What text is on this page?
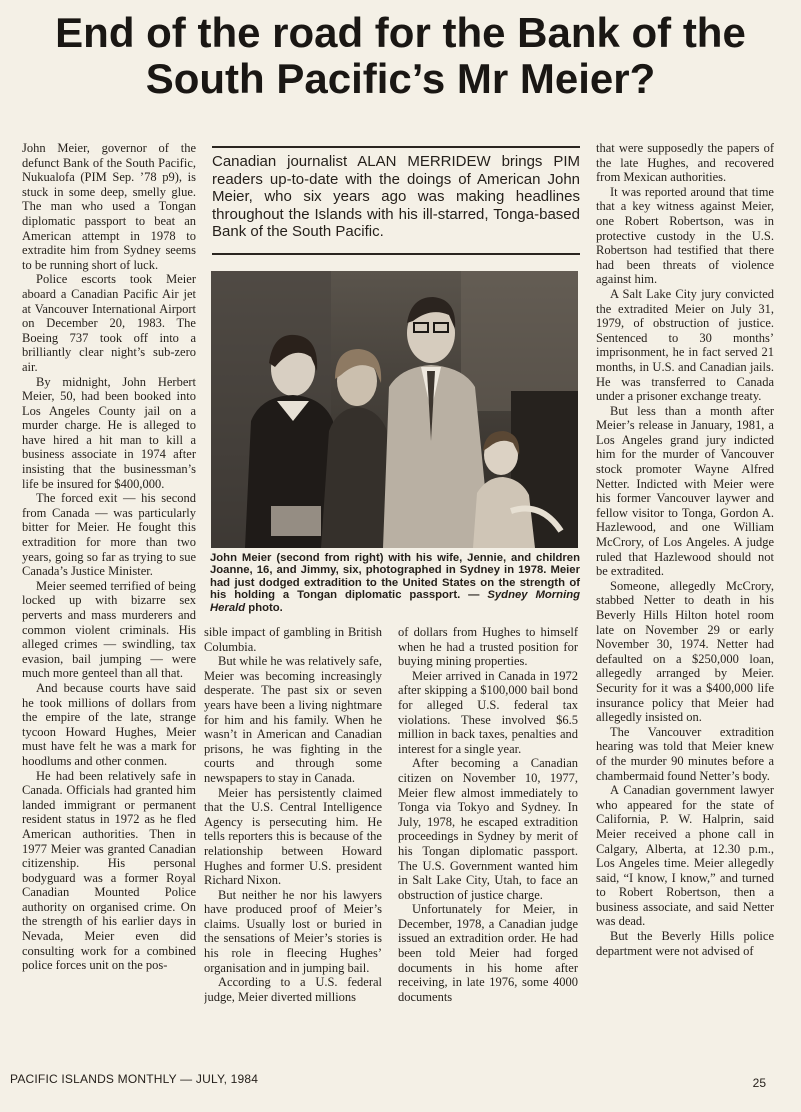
End of the road for the Bank of the South Pacific’s Mr Meier?

John Meier, governor of the defunct Bank of the South Pacific, Nukualofa (PIM Sep. ’78 p9), is stuck in some deep, smelly glue. The man who used a Tongan diplomatic passport to beat an American attempt in 1978 to extradite him from Sydney seems to be running short of luck.

Police escorts took Meier aboard a Canadian Pacific Air jet at Vancouver International Airport on December 20, 1983. The Boeing 737 took off into a brilliantly clear night’s sub-zero air.

By midnight, John Herbert Meier, 50, had been booked into Los Angeles County jail on a murder charge. He is alleged to have hired a hit man to kill a business associate in 1974 after insisting that the businessman’s life be insured for $400,000.

The forced exit — his second from Canada — was particularly bitter for Meier. He fought this extradition for more than two years, going so far as trying to sue Canada’s Justice Minister.

Meier seemed terrified of being locked up with bizarre sex perverts and mass murderers and common violent criminals. His alleged crimes — swindling, tax evasion, bail jumping — were much more genteel than all that.

And because courts have said he took millions of dollars from the empire of the late, strange tycoon Howard Hughes, Meier must have felt he was a mark for hoodlums and other conmen.

He had been relatively safe in Canada. Officials had granted him landed immigrant or permanent resident status in 1972 as he fled American authorities. Then in 1977 Meier was granted Canadian citizenship. His personal bodyguard was a former Royal Canadian Mounted Police authority on organised crime. On the strength of his earlier days in Nevada, Meier even did consulting work for a combined police forces unit on the pos-

Canadian journalist ALAN MERRIDEW brings PIM readers up-to-date with the doings of American John Meier, who six years ago was making headlines throughout the Islands with his ill-starred, Tonga-based Bank of the South Pacific.

John Meier (second from right) with his wife, Jennie, and children Joanne, 16, and Jimmy, six, photographed in Sydney in 1978. Meier had just dodged extradition to the United States on the strength of his holding a Tongan diplomatic passport. — Sydney Morning Herald photo.

sible impact of gambling in British Columbia.

But while he was relatively safe, Meier was becoming increasingly desperate. The past six or seven years have been a living nightmare for him and his family. When he wasn’t in American and Canadian prisons, he was fighting in the courts and through some newspapers to stay in Canada.

Meier has persistently claimed that the U.S. Central Intelligence Agency is persecuting him. He tells reporters this is because of the relationship between Howard Hughes and former U.S. president Richard Nixon.

But neither he nor his lawyers have produced proof of Meier’s claims. Usually lost or buried in the sensations of Meier’s stories is his role in fleecing Hughes’ organisation and in jumping bail.

According to a U.S. federal judge, Meier diverted millions

of dollars from Hughes to himself when he had a trusted position for buying mining properties.

Meier arrived in Canada in 1972 after skipping a $100,000 bail bond for alleged U.S. federal tax violations. These involved $6.5 million in back taxes, penalties and interest for a single year.

After becoming a Canadian citizen on November 10, 1977, Meier flew almost immediately to Tonga via Tokyo and Sydney. In July, 1978, he escaped extradition proceedings in Sydney by merit of his Tongan diplomatic passport. The U.S. Government wanted him in Salt Lake City, Utah, to face an obstruction of justice charge.

Unfortunately for Meier, in December, 1978, a Canadian judge issued an extradition order. He had been told Meier had forged documents in his home after receiving, in late 1976, some 4000 documents

that were supposedly the papers of the late Hughes, and recovered from Mexican authorities.

It was reported around that time that a key witness against Meier, one Robert Robertson, was in protective custody in the U.S. Robertson had testified that there had been threats of violence against him.

A Salt Lake City jury convicted the extradited Meier on July 31, 1979, of obstruction of justice. Sentenced to 30 months’ imprisonment, he in fact served 21 months, in U.S. and Canadian jails. He was transferred to Canada under a prisoner exchange treaty.

But less than a month after Meier’s release in January, 1981, a Los Angeles grand jury indicted him for the murder of Vancouver stock promoter Wayne Alfred Netter. Indicted with Meier were his former Vancouver laywer and fellow visitor to Tonga, Gordon A. Hazlewood, and one William McCrory, of Los Angeles. A judge ruled that Hazlewood should not be extradited.

Someone, allegedly McCrory, stabbed Netter to death in his Beverly Hills Hilton hotel room late on November 29 or early November 30, 1974. Netter had defaulted on a $250,000 loan, allegedly arranged by Meier. Security for it was a $400,000 life insurance policy that Meier had allegedly insisted on.

The Vancouver extradition hearing was told that Meier knew of the murder 90 minutes before a chambermaid found Netter’s body.

A Canadian government lawyer who appeared for the state of California, P. W. Halprin, said Meier received a phone call in Calgary, Alberta, at 12.30 p.m., Los Angeles time. Meier allegedly said, “I know, I know,” and turned to Robert Robertson, then a business associate, and said Netter was dead.

But the Beverly Hills police department were not advised of

PACIFIC ISLANDS MONTHLY — JULY, 1984	25
